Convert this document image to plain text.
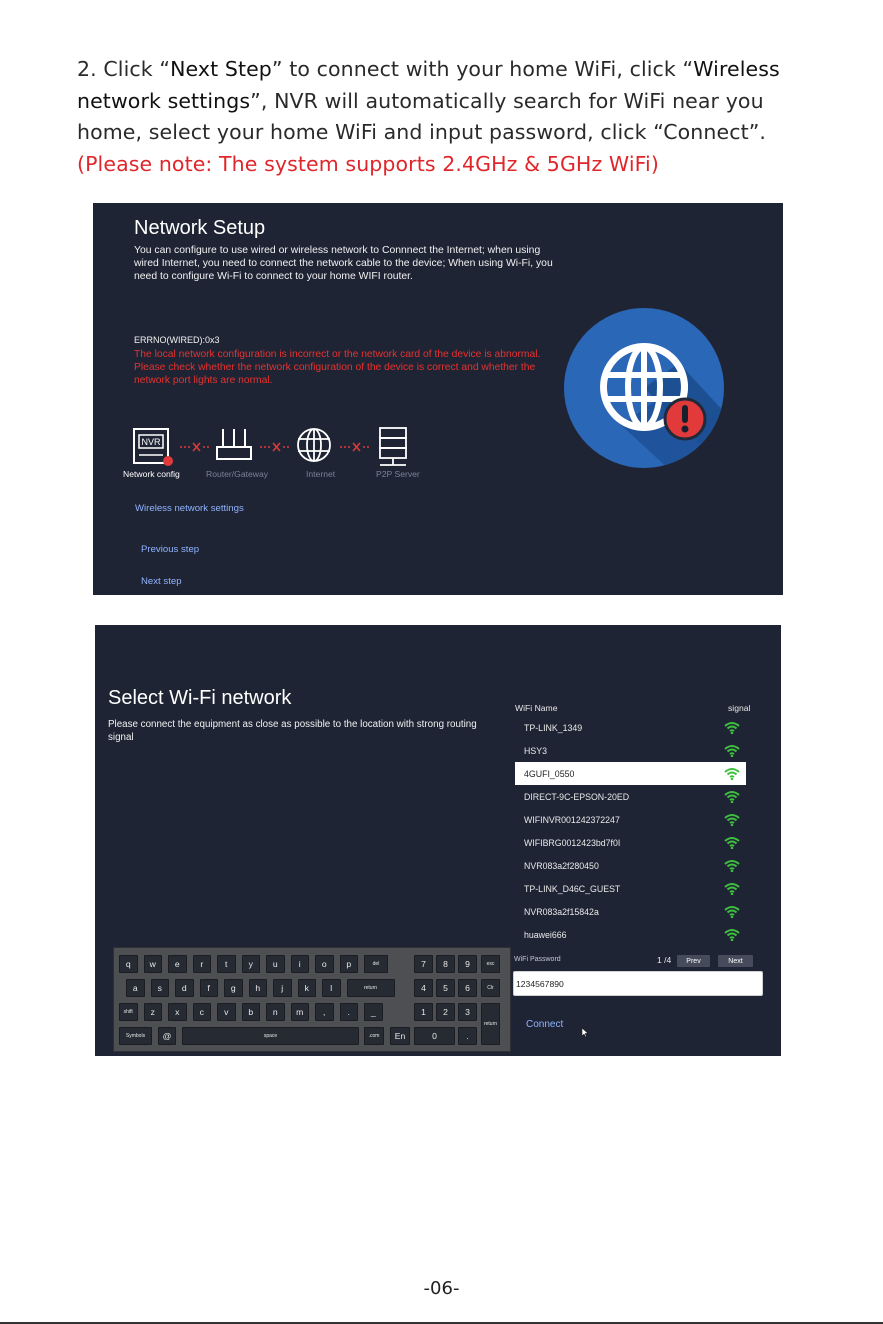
2. Click “Next Step” to connect with your home WiFi, click “Wireless
network settings”, NVR will automatically search for WiFi near you
home, select your home WiFi and input password, click “Connect”.
(Please note: The system supports 2.4GHz & 5GHz WiFi)
Network Setup
You can configure to use wired or wireless network to Connnect the Internet; when using wired Internet, you need to connect the network cable to the device; When using Wi-Fi, you need to configure Wi-Fi to connect to your home WIFI router.
ERRNO(WIRED):0x3
The local network configuration is incorrect or the network card of the device is abnormal. Please check whether the network configuration of the device is correct and whether the network port lights are normal.
NVR
Network config	Router/Gateway	Internet	P2P Server
Wireless network settings
Previous step
Next step
Select Wi-Fi network
Please connect the equipment as close as possible to the location with strong routing signal
WiFi Name	signal
TP-LINK_1349
HSY3
4GUFI_0550
DIRECT-9C-EPSON-20ED
WIFINVR001242372247
WIFIBRG0012423bd7f0I
NVR083a2f280450
TP-LINK_D46C_GUEST
NVR083a2f15842a
huawei666
1 /4	Prev	Next
WiFi Password
1234567890
Connect
q	w	e	r	t	y	u	i	o	p	del
a	s	d	f	g	h	j	k	l	return
shift	z	x	c	v	b	n	m	,	.	_
Symbols	@	space	.com	En
7	8	9	esc
4	5	6	Clr
1	2	3
0	.
return
-06-
